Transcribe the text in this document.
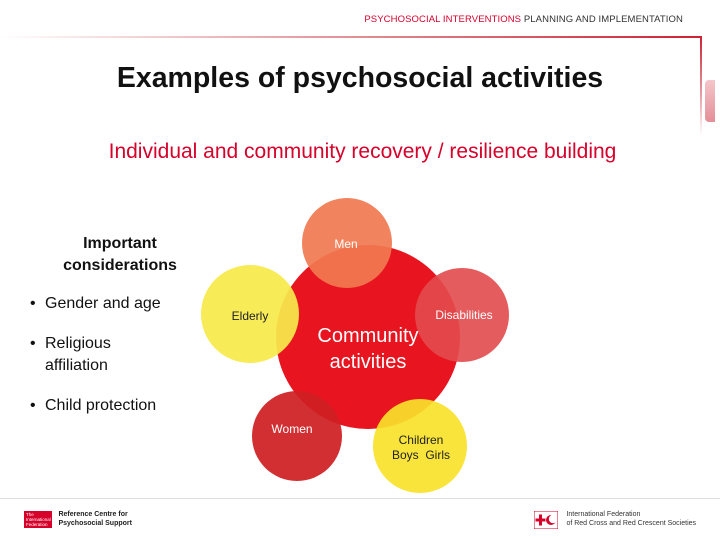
PSYCHOSOCIAL INTERVENTIONS PLANNING AND IMPLEMENTATION
Examples of psychosocial activities
Individual and community recovery / resilience building
Important
considerations
• Gender and age
• Religious
affiliation
• Child protection
Community
activities
Men
Disabilities
Children
Boys  Girls
Women
Elderly
The International Federation
Reference Centre for
Psychosocial Support

International Federation
of Red Cross and Red Crescent Societies
